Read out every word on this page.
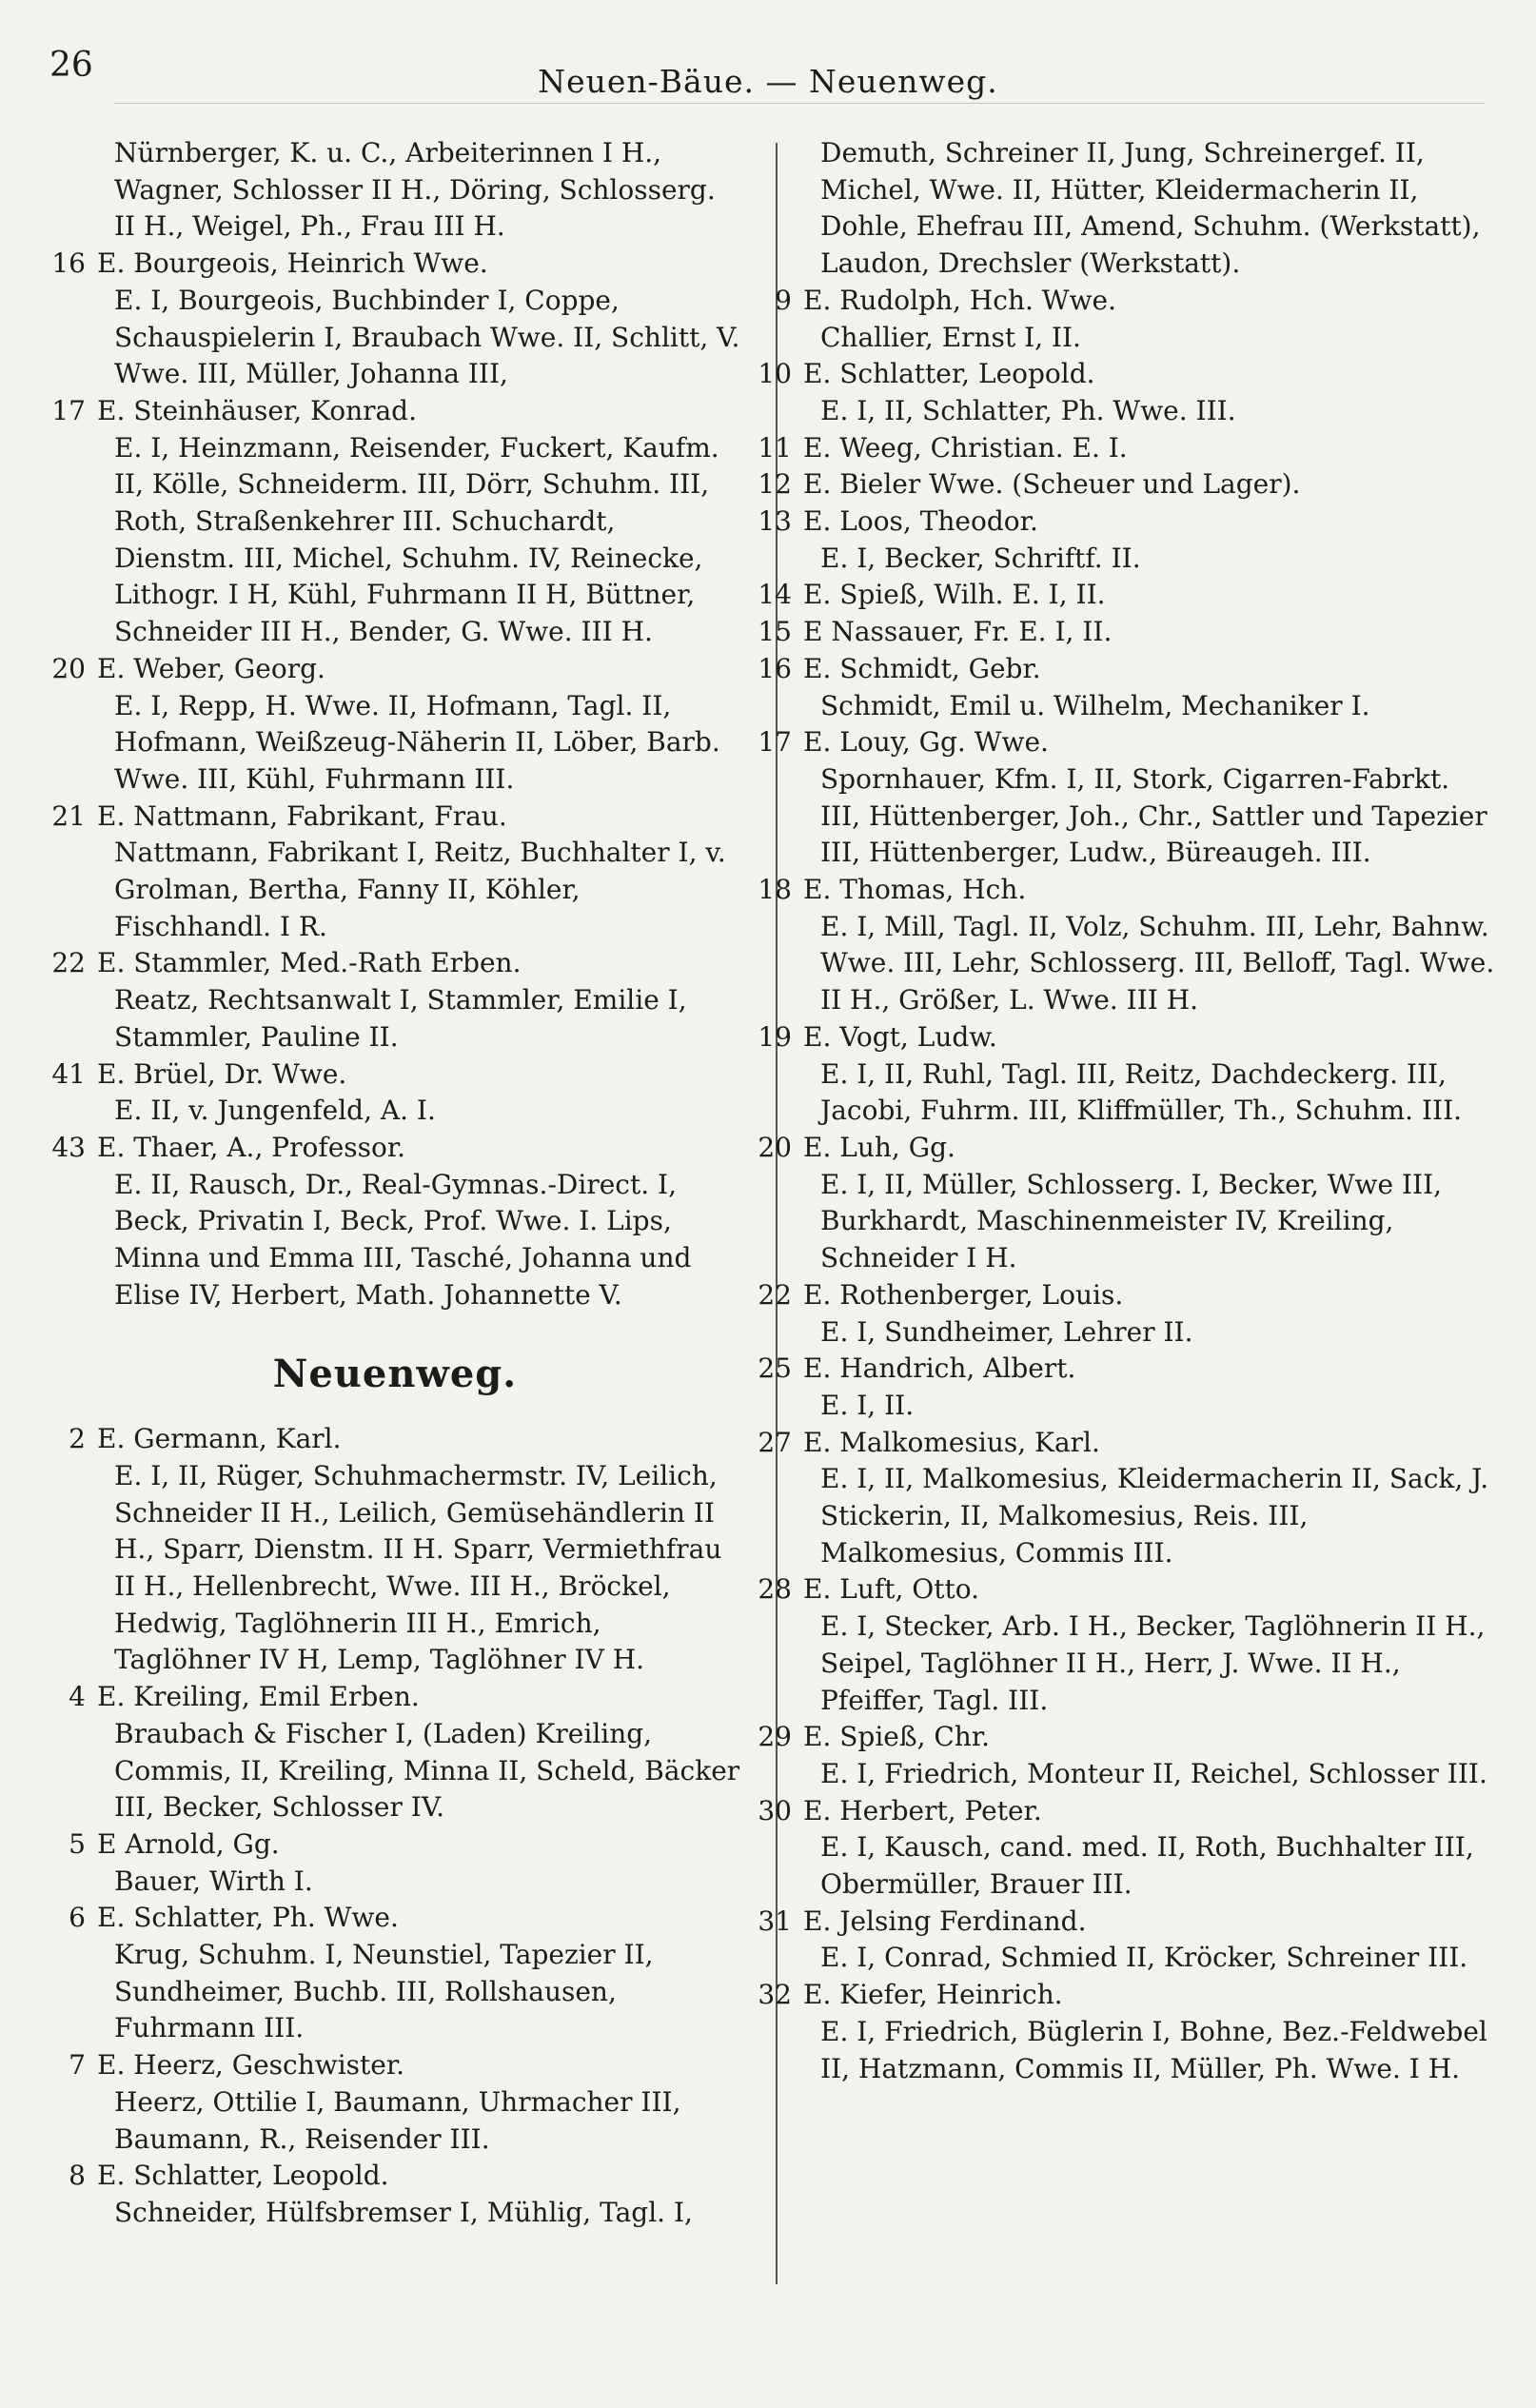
26	Neuen-Bäue. — Neuenweg.
Nürnberger, K. u. C., Arbeiterinnen I H., Wagner, Schlosser II H., Döring, Schlosserg. II H., Weigel, Ph., Frau III H.
16 E. Bourgeois, Heinrich Wwe.
E. I, Bourgeois, Buchbinder I, Coppe, Schauspielerin I, Braubach Wwe. II, Schlitt, V. Wwe. III, Müller, Johanna III,
17 E. Steinhäuser, Konrad.
E. I, Heinzmann, Reisender, Fuckert, Kaufm. II, Kölle, Schneiderm. III, Dörr, Schuhm. III, Roth, Straßenkehrer III. Schuchardt, Dienstm. III, Michel, Schuhm. IV, Reinecke, Lithogr. I H, Kühl, Fuhrmann II H, Büttner, Schneider III H., Bender, G. Wwe. III H.
20 E. Weber, Georg.
E. I, Repp, H. Wwe. II, Hofmann, Tagl. II, Hofmann, Weißzeug-Näherin II, Löber, Barb. Wwe. III, Kühl, Fuhrmann III.
21 E. Nattmann, Fabrikant, Frau.
Nattmann, Fabrikant I, Reitz, Buchhalter I, v. Grolman, Bertha, Fanny II, Köhler, Fischhandl. I R.
22 E. Stammler, Med.-Rath Erben.
Reatz, Rechtsanwalt I, Stammler, Emilie I, Stammler, Pauline II.
41 E. Brüel, Dr. Wwe.
E. II, v. Jungenfeld, A. I.
43 E. Thaer, A., Professor.
E. II, Rausch, Dr., Real-Gymnas.-Direct. I, Beck, Privatin I, Beck, Prof. Wwe. I. Lips, Minna und Emma III, Tasché, Johanna und Elise IV, Herbert, Math. Johannette V.
Neuenweg.
2 E. Germann, Karl.
E. I, II, Rüger, Schuhmachermstr. IV, Leilich, Schneider II H., Leilich, Gemüsehändlerin II H., Sparr, Dienstm. II H. Sparr, Vermiethfrau II H., Hellenbrecht, Wwe. III H., Bröckel, Hedwig, Taglöhnerin III H., Emrich, Taglöhner IV H, Lemp, Taglöhner IV H.
4 E. Kreiling, Emil Erben.
Braubach & Fischer I, (Laden) Kreiling, Commis, II, Kreiling, Minna II, Scheld, Bäcker III, Becker, Schlosser IV.
5 E Arnold, Gg.
Bauer, Wirth I.
6 E. Schlatter, Ph. Wwe.
Krug, Schuhm. I, Neunstiel, Tapezier II, Sundheimer, Buchb. III, Rollshausen, Fuhrmann III.
7 E. Heerz, Geschwister.
Heerz, Ottilie I, Baumann, Uhrmacher III, Baumann, R., Reisender III.
8 E. Schlatter, Leopold.
Schneider, Hülfsbremser I, Mühlig, Tagl. I,
Demuth, Schreiner II, Jung, Schreinergef. II, Michel, Wwe. II, Hütter, Kleidermacherin II, Dohle, Ehefrau III, Amend, Schuhm. (Werkstatt), Laudon, Drechsler (Werkstatt).
9 E. Rudolph, Hch. Wwe.
Challier, Ernst I, II.
10 E. Schlatter, Leopold.
E. I, II, Schlatter, Ph. Wwe. III.
11 E. Weeg, Christian. E. I.
12 E. Bieler Wwe. (Scheuer und Lager).
13 E. Loos, Theodor.
E. I, Becker, Schriftf. II.
14 E. Spieß, Wilh. E. I, II.
15 E Nassauer, Fr. E. I, II.
16 E. Schmidt, Gebr.
Schmidt, Emil u. Wilhelm, Mechaniker I.
17 E. Louy, Gg. Wwe.
Spornhauer, Kfm. I, II, Stork, Cigarren-Fabrkt. III, Hüttenberger, Joh., Chr., Sattler und Tapezier III, Hüttenberger, Ludw., Büreaugeh. III.
18 E. Thomas, Hch.
E. I, Mill, Tagl. II, Volz, Schuhm. III, Lehr, Bahnw. Wwe. III, Lehr, Schlosserg. III, Belloff, Tagl. Wwe. II H., Größer, L. Wwe. III H.
19 E. Vogt, Ludw.
E. I, II, Ruhl, Tagl. III, Reitz, Dachdeckerg. III, Jacobi, Fuhrm. III, Kliffmüller, Th., Schuhm. III.
20 E. Luh, Gg.
E. I, II, Müller, Schlosserg. I, Becker, Wwe III, Burkhardt, Maschinenmeister IV, Kreiling, Schneider I H.
22 E. Rothenberger, Louis.
E. I, Sundheimer, Lehrer II.
25 E. Handrich, Albert.
E. I, II.
27 E. Malkomesius, Karl.
E. I, II, Malkomesius, Kleidermacherin II, Sack, J. Stickerin, II, Malkomesius, Reis. III, Malkomesius, Commis III.
28 E. Luft, Otto.
E. I, Stecker, Arb. I H., Becker, Taglöhnerin II H., Seipel, Taglöhner II H., Herr, J. Wwe. II H., Pfeiffer, Tagl. III.
29 E. Spieß, Chr.
E. I, Friedrich, Monteur II, Reichel, Schlosser III.
30 E. Herbert, Peter.
E. I, Kausch, cand. med. II, Roth, Buchhalter III, Obermüller, Brauer III.
31 E. Jelsing Ferdinand.
E. I, Conrad, Schmied II, Kröcker, Schreiner III.
32 E. Kiefer, Heinrich.
E. I, Friedrich, Büglerin I, Bohne, Bez.-Feldwebel II, Hatzmann, Commis II, Müller, Ph. Wwe. I H.
